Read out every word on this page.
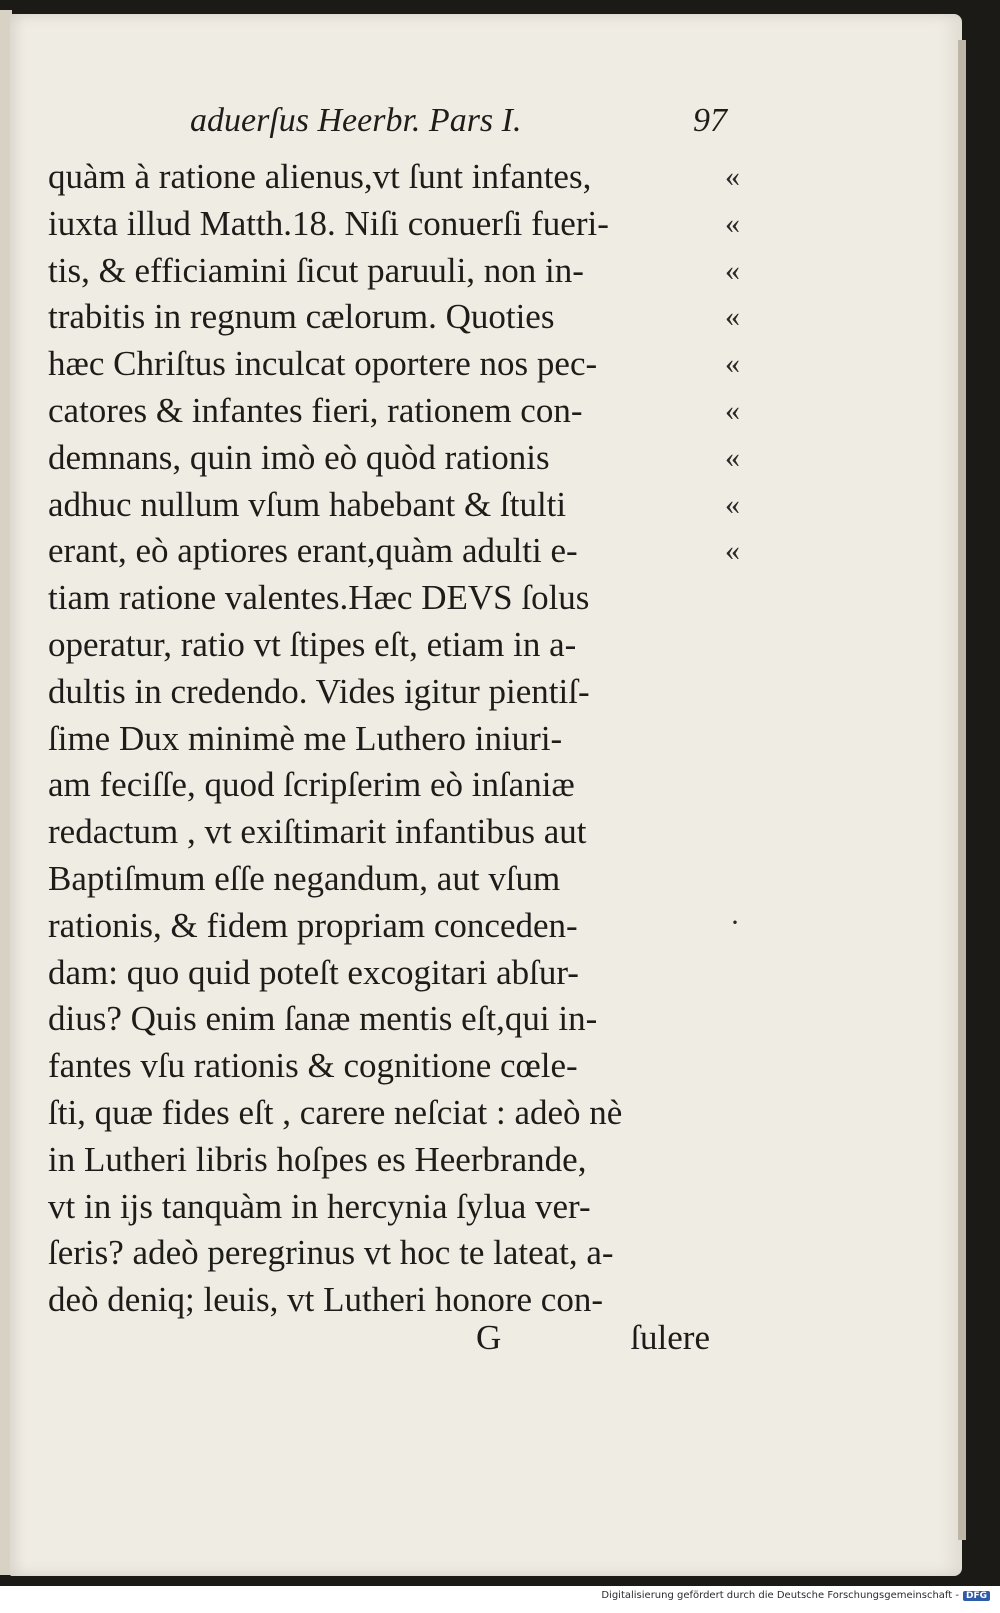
aduerſus Heerbr. Pars I.	97
quàm à ratione alienus,vt ſunt infantes,
iuxta illud Matth.18. Niſi conuerſi fueri-
tis, & efficiamini ſicut paruuli, non in-
trabitis in regnum cælorum. Quoties
hæc Chriſtus inculcat oportere nos pec-
catores & infantes fieri, rationem con-
demnans, quin imò eò quòd rationis
adhuc nullum vſum habebant & ſtulti
erant, eò aptiores erant,quàm adulti e-
tiam ratione valentes.Hæc DEVS ſolus
operatur, ratio vt ſtipes eſt, etiam in a-
dultis in credendo. Vides igitur pientiſ-
ſime Dux minimè me Luthero iniuri-
am feciſſe, quod ſcripſerim eò inſaniæ
redactum , vt exiſtimarit infantibus aut
Baptiſmum eſſe negandum, aut vſum
rationis, & fidem propriam conceden-
dam: quo quid poteſt excogitari abſur-
dius? Quis enim ſanæ mentis eſt,qui in-
fantes vſu rationis & cognitione cœle-
ſti, quæ fides eſt , carere neſciat : adeò nè
in Lutheri libris hoſpes es Heerbrande,
vt in ijs tanquàm in hercynia ſylua ver-
ſeris? adeò peregrinus vt hoc te lateat, a-
deò deniq; leuis, vt Lutheri honore con-
«
«
«
«
«
«
«
«
«
·
G	ſulere
Digitalisierung gefördert durch die Deutsche Forschungsgemeinschaft - DFG
